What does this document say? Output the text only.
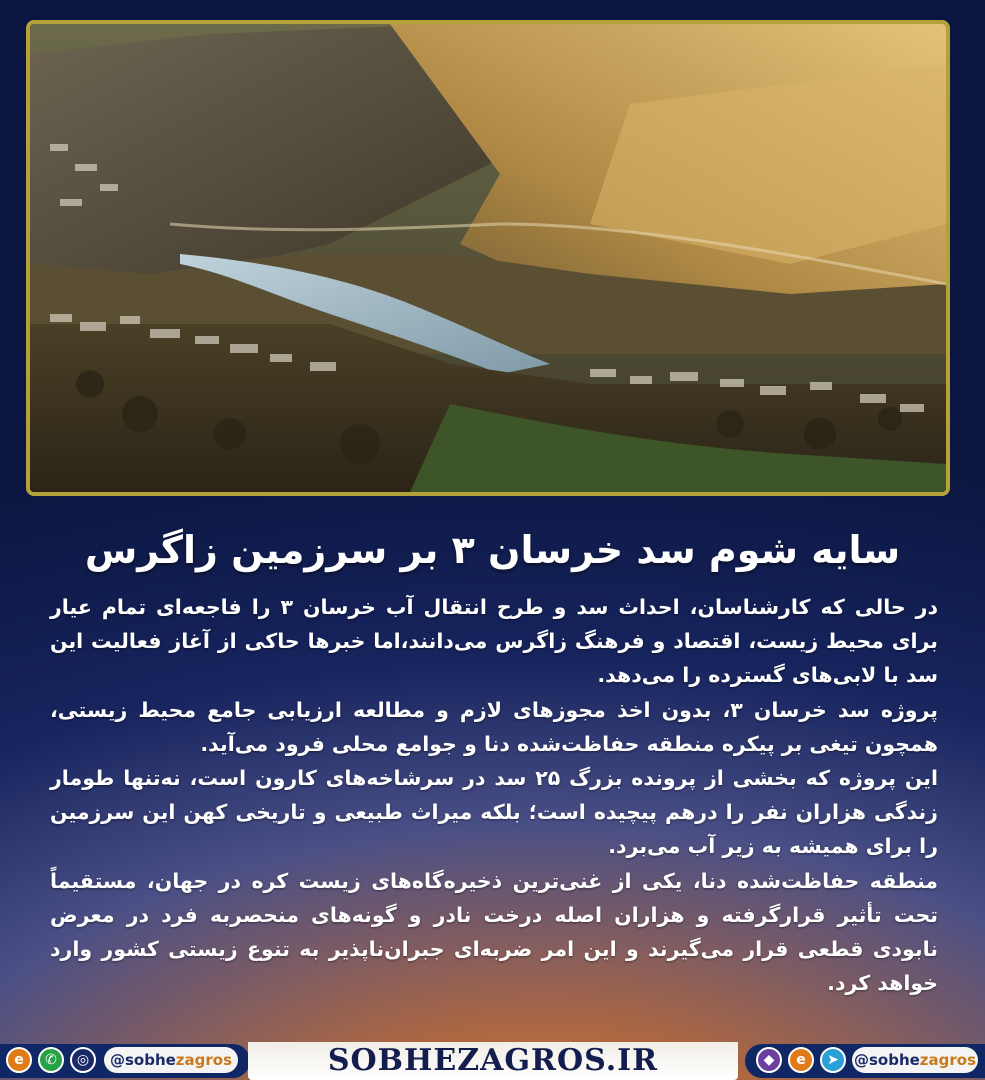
سایه شوم سد خرسان ۳ بر سرزمین زاگرس

در حالی که کارشناسان، احداث سد و طرح انتقال آب خرسان ۳ را فاجعه‌ای تمام عیار برای محیط زیست، اقتصاد و فرهنگ زاگرس می‌دانند،اما خبرها حاکی از آغاز فعالیت این سد با لابی‌های گسترده را می‌دهد.

پروژه سد خرسان ۳، بدون اخذ مجوزهای لازم و مطالعه ارزیابی جامع محیط زیستی، همچون تیغی بر پیکره منطقه حفاظت‌شده دنا و جوامع محلی فرود می‌آید.

این پروژه که بخشی از پرونده بزرگ ۲۵ سد در سرشاخه‌های کارون است، نه‌تنها طومار زندگی هزاران نفر را درهم پیچیده است؛ بلکه میراث طبیعی و تاریخی کهن این سرزمین را برای همیشه به زیر آب می‌برد.

منطقه حفاظت‌شده دنا، یکی از غنی‌ترین ذخیره‌گاه‌های زیست کره در جهان، مستقیماً تحت تأثیر قرارگرفته و هزاران اصله درخت نادر و گونه‌های منحصربه فرد در معرض نابودی قطعی قرار می‌گیرند و این امر ضربه‌ای جبران‌ناپذیر به تنوع زیستی کشور وارد خواهد کرد.

e	✆	◎	@sobhezagros	SOBHEZAGROS.IR	◆	e	➤	@sobhezagros
